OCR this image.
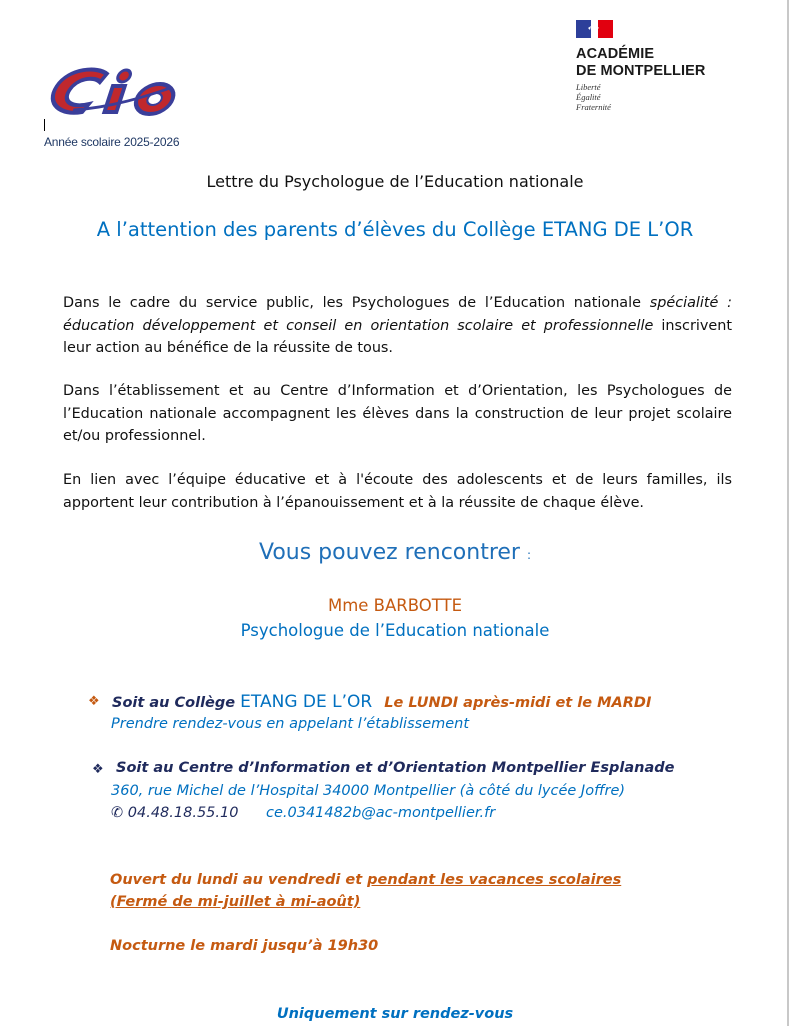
Année scolaire 2025-2026
ACADÉMIE
DE MONTPELLIER
Liberté
Égalité
Fraternité
Lettre du Psychologue de l’Education nationale
A l’attention des parents d’élèves du Collège ETANG DE L’OR
Dans le cadre du service public, les Psychologues de l’Education nationale spécialité : éducation développement et conseil en orientation scolaire et professionnelle inscrivent leur action au bénéfice de la réussite de tous.
Dans l’établissement et au Centre d’Information et d’Orientation, les Psychologues de l’Education nationale accompagnent les élèves dans la construction de leur projet scolaire et/ou professionnel.
En lien avec l’équipe éducative et à l'écoute des adolescents et de leurs familles, ils apportent leur contribution à l’épanouissement et à la réussite de chaque élève.
Vous pouvez rencontrer :
Mme BARBOTTE
Psychologue de l’Education nationale
❖ Soit au Collège ETANG DE L’OR Le LUNDI après-midi et le MARDI
Prendre rendez-vous en appelant l’établissement
❖ Soit au Centre d’Information et d’Orientation Montpellier Esplanade
360, rue Michel de l’Hospital 34000 Montpellier (à côté du lycée Joffre)
✆ 04.48.18.55.10 ce.0341482b@ac-montpellier.fr
Ouvert du lundi au vendredi et pendant les vacances scolaires
(Fermé de mi-juillet à mi-août)
Nocturne le mardi jusqu’à 19h30
Uniquement sur rendez-vous
